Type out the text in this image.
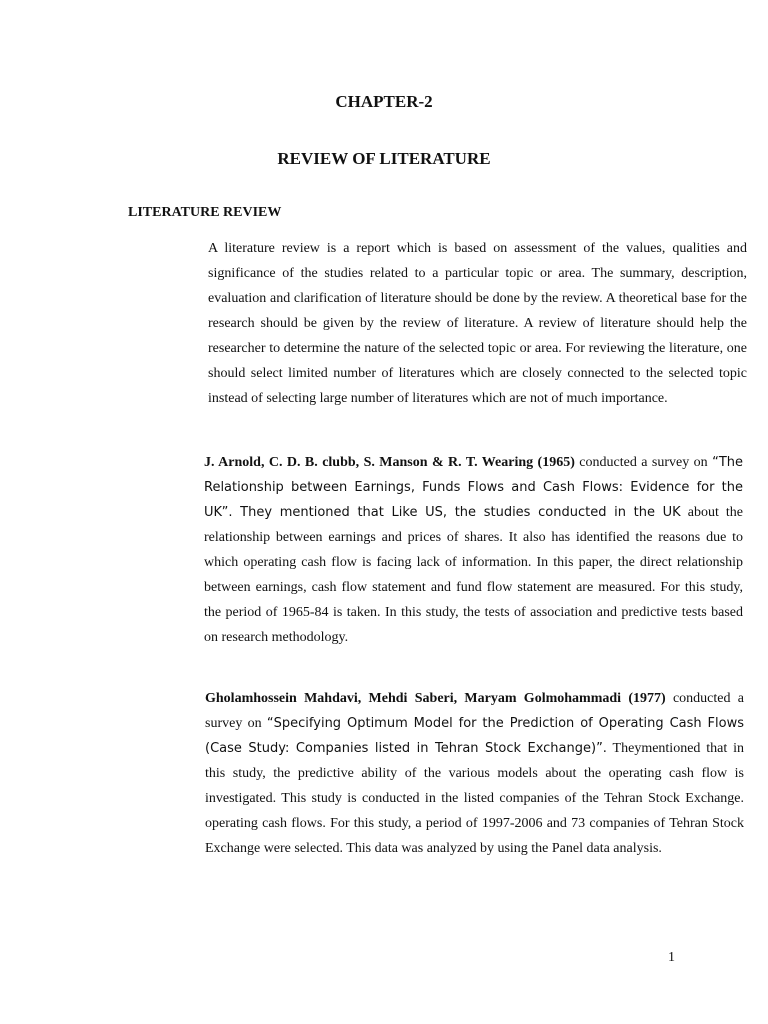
CHAPTER-2
REVIEW OF LITERATURE
LITERATURE REVIEW

A literature review is a report which is based on assessment of the values, qualities and significance of the studies related to a particular topic or area. The summary, description, evaluation and clarification of literature should be done by the review. A theoretical base for the research should be given by the review of literature. A review of literature should help the researcher to determine the nature of the selected topic or area. For reviewing the literature, one should select limited number of literatures which are closely connected to the selected topic instead of selecting large number of literatures which are not of much importance.

J. Arnold, C. D. B. clubb, S. Manson & R. T. Wearing (1965) conducted a survey on “The Relationship between Earnings, Funds Flows and Cash Flows: Evidence for the UK”. They mentioned that Like US, the studies conducted in the UK about the relationship between earnings and prices of shares. It also has identified the reasons due to which operating cash flow is facing lack of information. In this paper, the direct relationship between earnings, cash flow statement and fund flow statement are measured. For this study, the period of 1965-84 is taken. In this study, the tests of association and predictive tests based on research methodology.

Gholamhossein Mahdavi, Mehdi Saberi, Maryam Golmohammadi (1977) conducted a survey on “Specifying Optimum Model for the Prediction of Operating Cash Flows (Case Study: Companies listed in Tehran Stock Exchange)”. Theymentioned that in this study, the predictive ability of the various models about the operating cash flow is investigated. This study is conducted in the listed companies of the Tehran Stock Exchange. operating cash flows. For this study, a period of 1997-2006 and 73 companies of Tehran Stock Exchange were selected. This data was analyzed by using the Panel data analysis.

1
